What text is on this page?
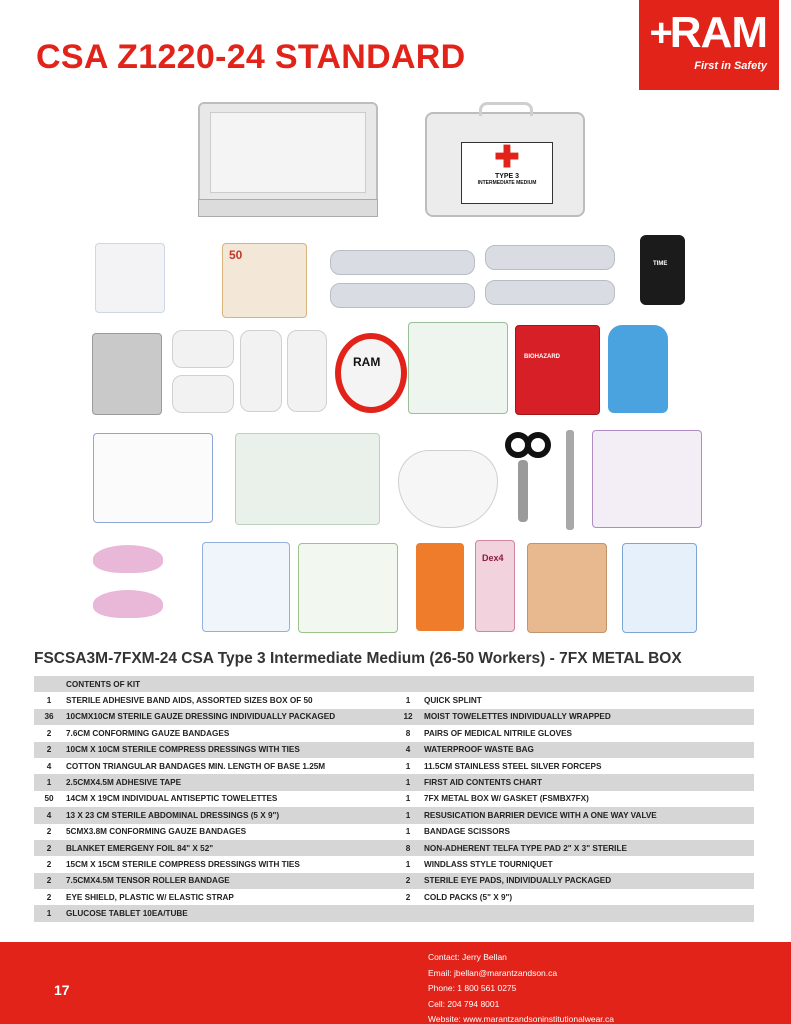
CSA Z1220-24 STANDARD
+RAM
First in Safety
✚
TYPE 3
INTERMEDIATE MEDIUM
50
TIME
RAM	BIOHAZARD
Dex4
FSCSA3M-7FXM-24 CSA Type 3 Intermediate Medium (26-50 Workers) - 7FX METAL BOX
	CONTENTS OF KIT		
1	STERILE ADHESIVE BAND AIDS, ASSORTED SIZES BOX OF 50	1	QUICK SPLINT
36	10CMX10CM STERILE GAUZE DRESSING INDIVIDUALLY PACKAGED	12	MOIST TOWELETTES INDIVIDUALLY WRAPPED
2	7.6CM CONFORMING GAUZE BANDAGES	8	PAIRS OF MEDICAL NITRILE GLOVES
2	10CM X 10CM STERILE COMPRESS DRESSINGS WITH TIES	4	WATERPROOF WASTE BAG
4	COTTON TRIANGULAR BANDAGES MIN. LENGTH OF BASE 1.25M	1	11.5CM STAINLESS STEEL SILVER FORCEPS
1	2.5CMX4.5M ADHESIVE TAPE	1	FIRST AID CONTENTS CHART
50	14CM X 19CM INDIVIDUAL ANTISEPTIC TOWELETTES	1	7FX METAL BOX W/ GASKET (FSMBX7FX)
4	13 X 23 CM STERILE ABDOMINAL DRESSINGS (5 X 9")	1	RESUSICATION BARRIER DEVICE WITH A ONE WAY VALVE
2	5CMX3.8M CONFORMING GAUZE BANDAGES	1	BANDAGE SCISSORS
2	BLANKET EMERGENY FOIL 84" X 52"	8	NON-ADHERENT TELFA TYPE PAD 2" X 3" STERILE
2	15CM X 15CM STERILE COMPRESS DRESSINGS WITH TIES	1	WINDLASS STYLE TOURNIQUET
2	7.5CMX4.5M TENSOR ROLLER BANDAGE	2	STERILE EYE PADS, INDIVIDUALLY PACKAGED
2	EYE SHIELD, PLASTIC W/ ELASTIC STRAP	2	COLD PACKS (5" X 9")
1	GLUCOSE TABLET 10EA/TUBE		
17
Contact: Jerry Bellan
Email: jbellan@marantzandson.ca
Phone: 1 800 561 0275
Cell: 204 794 8001
Website: www.marantzandsoninstitutionalwear.ca
